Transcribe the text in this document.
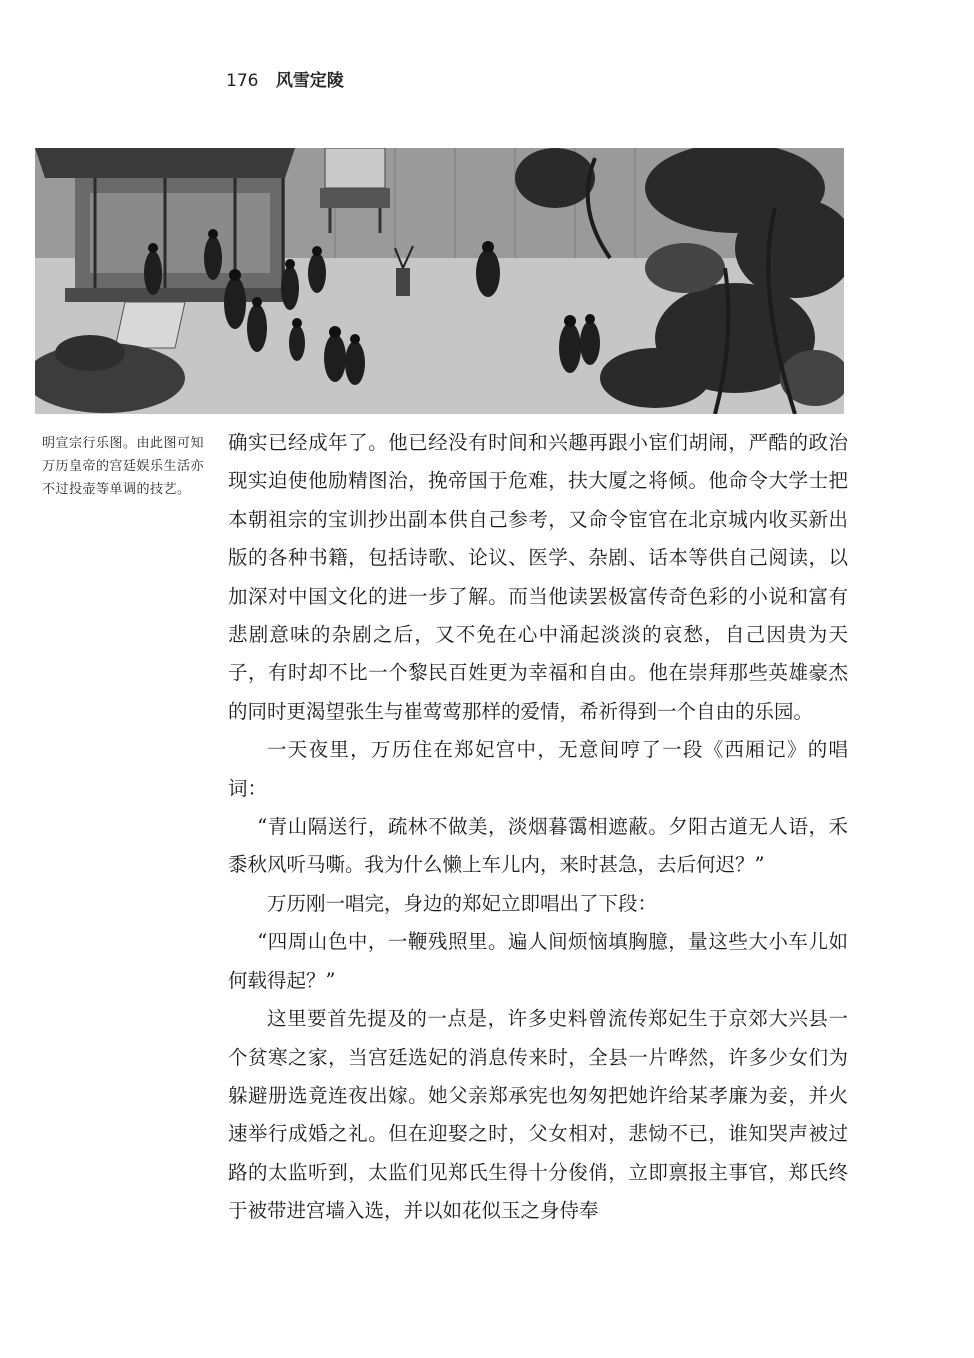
176 风雪定陵
明宣宗行乐图。由此图可知万历皇帝的宫廷娱乐生活亦不过投壶等单调的技艺。

确实已经成年了。他已经没有时间和兴趣再跟小宦们胡闹，严酷的政治现实迫使他励精图治，挽帝国于危难，扶大厦之将倾。他命令大学士把本朝祖宗的宝训抄出副本供自己参考，又命令宦官在北京城内收买新出版的各种书籍，包括诗歌、论议、医学、杂剧、话本等供自己阅读，以加深对中国文化的进一步了解。而当他读罢极富传奇色彩的小说和富有悲剧意味的杂剧之后，又不免在心中涌起淡淡的哀愁，自己因贵为天子，有时却不比一个黎民百姓更为幸福和自由。他在崇拜那些英雄豪杰的同时更渴望张生与崔莺莺那样的爱情，希祈得到一个自由的乐园。

一天夜里，万历住在郑妃宫中，无意间哼了一段《西厢记》的唱词：

“青山隔送行，疏林不做美，淡烟暮霭相遮蔽。夕阳古道无人语，禾黍秋风听马嘶。我为什么懒上车儿内，来时甚急，去后何迟？”

万历刚一唱完，身边的郑妃立即唱出了下段：

“四周山色中，一鞭残照里。遍人间烦恼填胸臆，量这些大小车儿如何载得起？”

这里要首先提及的一点是，许多史料曾流传郑妃生于京郊大兴县一个贫寒之家，当宫廷选妃的消息传来时，全县一片哗然，许多少女们为躲避册选竟连夜出嫁。她父亲郑承宪也匆匆把她许给某孝廉为妾，并火速举行成婚之礼。但在迎娶之时，父女相对，悲恸不已，谁知哭声被过路的太监听到，太监们见郑氏生得十分俊俏，立即禀报主事官，郑氏终于被带进宫墙入选，并以如花似玉之身侍奉
